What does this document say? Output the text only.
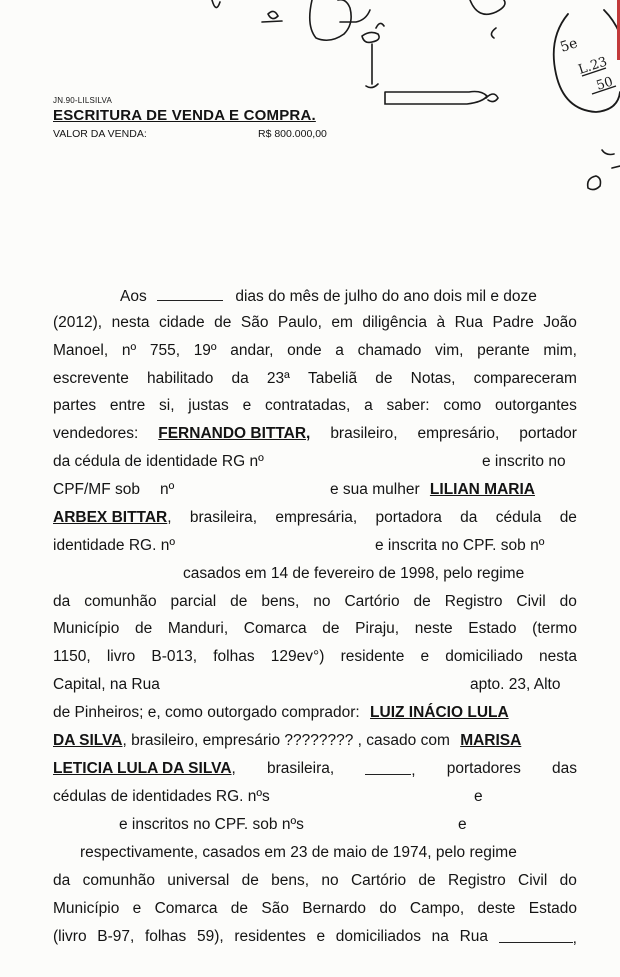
5e
L.23
50
JN.90-LILSILVA
ESCRITURA DE VENDA E COMPRA.
VALOR DA VENDA:	R$ 800.000,00
Aos	dias do mês de julho do ano dois mil e doze
(2012), nesta cidade de São Paulo, em diligência à Rua Padre João
Manoel, nº 755, 19º andar, onde a chamado vim, perante mim,
escrevente habilitado da 23ª Tabeliã de Notas, compareceram
partes entre si, justas e contratadas, a saber: como outorgantes
vendedores: FERNANDO BITTAR, brasileiro, empresário, portador
da cédula de identidade RG nº	e inscrito no
CPF/MF sob nº	e sua mulher LILIAN MARIA
ARBEX BITTAR, brasileira, empresária, portadora da cédula de
identidade RG. nº	e inscrita no CPF. sob nº
casados em 14 de fevereiro de 1998, pelo regime
da comunhão parcial de bens, no Cartório de Registro Civil do
Município de Manduri, Comarca de Piraju, neste Estado (termo
1150, livro B-013, folhas 129ev°) residente e domiciliado nesta
Capital, na Rua	apto. 23, Alto
de Pinheiros; e, como outorgado comprador: LUIZ INÁCIO LULA
DA SILVA, brasileiro, empresário ???????? , casado com MARISA
LETICIA LULA DA SILVA, brasileira,	, portadores das
cédulas de identidades RG. nºs	e
e inscritos no CPF. sob nºs	e
respectivamente, casados em 23 de maio de 1974, pelo regime
da comunhão universal de bens, no Cartório de Registro Civil do
Município e Comarca de São Bernardo do Campo, deste Estado
(livro B-97, folhas 59), residentes e domiciliados na Rua	,
